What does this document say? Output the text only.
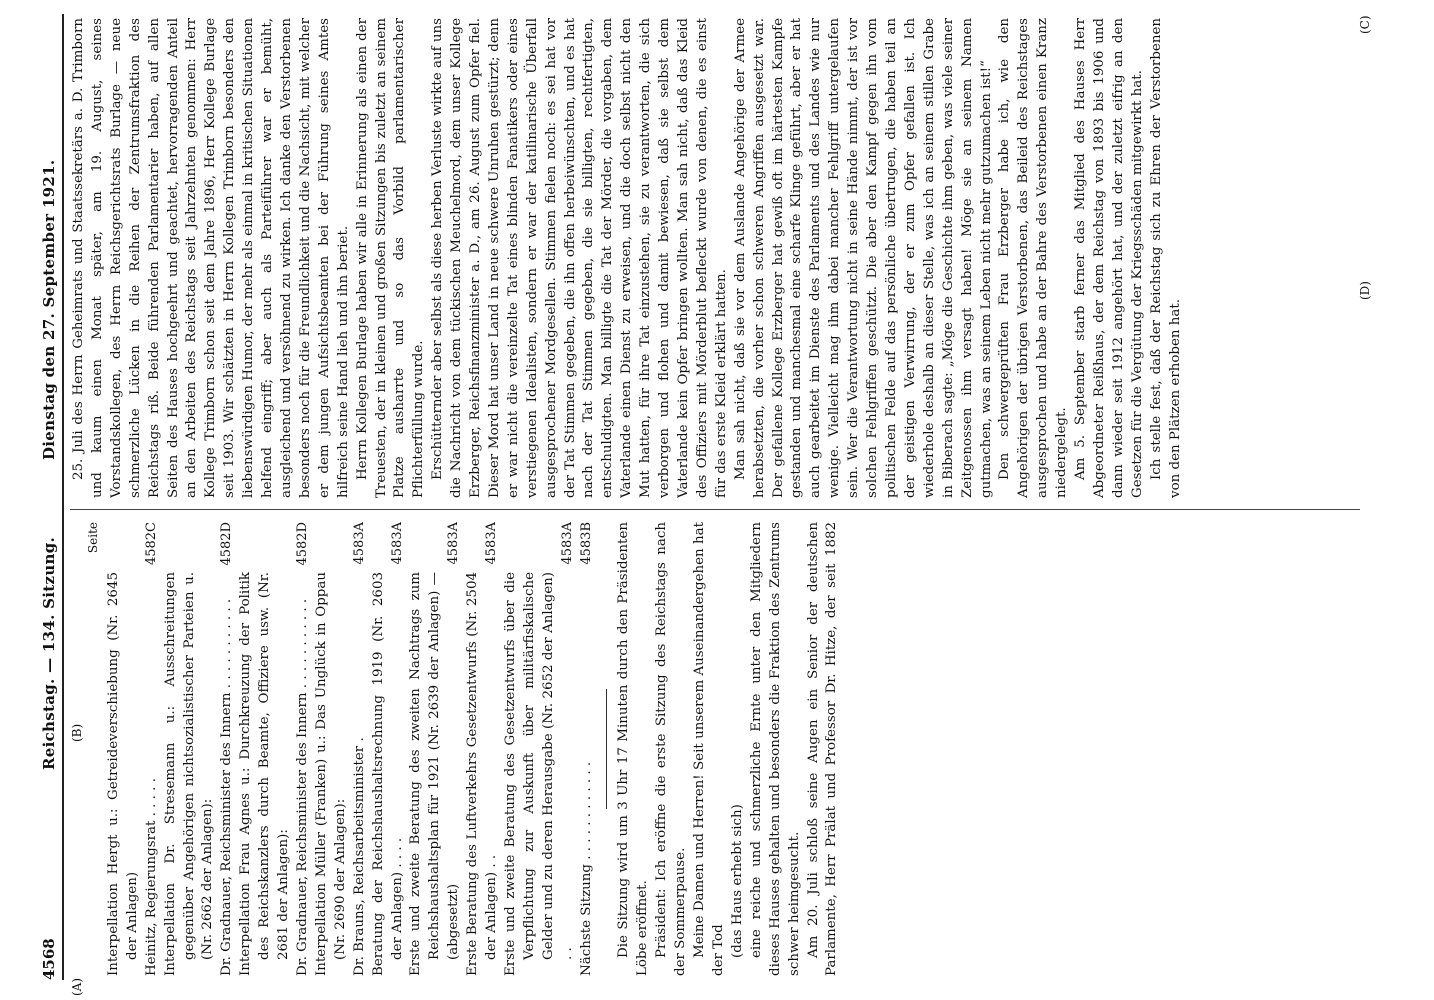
4568
Reichstag. — 134. Sitzung.
Dienstag den 27. September 1921.
(A)
(B)
(C)
(D)
Seite
Interpellation Hergt u.: Getreideverschiebung (Nr. 2645 der Anlagen) Heinitz, Regierungsrat . . . . .
4582C
Interpellation Dr. Stresemann u.: Ausschreitungen gegenüber Angehörigen nichtsozialistischer Parteien u. (Nr. 2662 der Anlagen): Dr. Gradnauer, Reichsminister des Innern . . . . . . . . . . .
4582D
Interpellation Frau Agnes u.: Durchkreuzung der Politik des Reichskanzlers durch Beamte, Offiziere usw. (Nr. 2681 der Anlagen): Dr. Gradnauer, Reichsminister des Innern . . . . . . . . . . .
4582D
Interpellation Müller (Franken) u.: Das Unglück in Oppau (Nr. 2690 der Anlagen): Dr. Brauns, Reichsarbeitsminister .
4583A
Beratung der Reichshaushaltsrechnung 1919 (Nr. 2603 der Anlagen) . . . .
4583A
Erste und zweite Beratung des zweiten Nachtrags zum Reichshaushaltsplan für 1921 (Nr. 2639 der Anlagen) — (abgesetzt)
4583A
Erste Beratung des Luftverkehrs Gesetzentwurfs (Nr. 2504 der Anlagen) . .
4583A
Erste und zweite Beratung des Gesetzentwurfs über die Verpflichtung zur Auskunft über militärfiskalische Gelder und zu deren Herausgabe (Nr. 2652 der Anlagen) . .
4583A
Nächste Sitzung . . . . . . . . . . . .
4583B Die Sitzung wird um 3 Uhr 17 Minuten durch den Präsidenten Löbe eröffnet. Präsident: Ich eröffne die erste Sitzung des Reichstags nach der Sommerpause. Meine Damen und Herren! Seit unserem Auseinandergehen hat der Tod (das Haus erhebt sich) eine reiche und schmerzliche Ernte unter den Mitgliedern dieses Hauses gehalten und besonders die Fraktion des Zentrums schwer heimgesucht. Am 20. Juli schloß seine Augen ein Senior der deutschen Parlamente, Herr Prälat und Professor Dr. Hitze, der seit 1882

25. Juli des Herrn Geheimrats und Staatssekretärs a. D. Trimborn und kaum einen Monat später, am 19. August, seines Vorstandskollegen, des Herrn Reichsgerichtsrats Burlage — neue schmerzliche Lücken in die Reihen der Zentrumsfraktion des Reichstags riß. Beide führenden Parlamentarier haben, auf allen Seiten des Hauses hochgeehrt und geachtet, hervorragenden Anteil an den Arbeiten des Reichstags seit Jahrzehnten genommen: Herr Kollege Trimborn schon seit dem Jahre 1896, Herr Kollege Burlage seit 1903. Wir schätzten in Herrn Kollegen Trimborn besonders den liebenswürdigen Humor, der mehr als einmal in kritischen Situationen helfend eingriff; aber auch als Parteiführer war er bemüht, ausgleichend und versöhnend zu wirken. Ich danke den Verstorbenen besonders noch für die Freundlichkeit und die Nachsicht, mit welcher er dem jungen Aufsichtsbeamten bei der Führung seines Amtes hilfreich seine Hand lieh und ihn beriet. Herrn Kollegen Burlage haben wir alle in Erinnerung als einen der Treuesten, der in kleinen und großen Sitzungen bis zuletzt an seinem Platze ausharrte und so das Vorbild parlamentarischer Pflichterfüllung wurde. Erschütternder aber selbst als diese herben Verluste wirkte auf uns die Nachricht von dem tückischen Meuchelmord, dem unser Kollege Erzberger, Reichsfinanzminister a. D., am 26. August zum Opfer fiel. Dieser Mord hat unser Land in neue schwere Unruhen gestürzt; denn er war nicht die vereinzelte Tat eines blinden Fanatikers oder eines verstiegenen Idealisten, sondern er war der katilinarische Überfall ausgesprochener Mordgesellen. Stimmen fielen noch: es sei hat vor der Tat Stimmen gegeben, die ihn offen herbeiwünschten, und es hat nach der Tat Stimmen gegeben, die sie billigten, rechtfertigten, entschuldigten. Man billigte die Tat der Mörder, die vorgaben, dem Vaterlande einen Dienst zu erweisen, und die doch selbst nicht den Mut hatten, für ihre Tat einzustehen, sie zu verantworten, die sich verborgen und flohen und damit bewiesen, daß sie selbst dem Vaterlande kein Opfer bringen wollten. Man sah nicht, daß das Kleid des Offiziers mit Mörderblut befleckt wurde von denen, die es einst für das erste Kleid erklärt hatten. Man sah nicht, daß sie vor dem Auslande Angehörige der Armee herabsetzten, die vorher schon schweren Angriffen ausgesetzt war. Der gefallene Kollege Erzberger hat gewiß oft im härtesten Kampfe gestanden und manchesmal eine scharfe Klinge geführt, aber er hat auch gearbeitet im Dienste des Parlaments und des Landes wie nur wenige. Vielleicht mag ihm dabei mancher Fehlgriff untergelaufen sein. Wer die Verantwortung nicht in seine Hände nimmt, der ist vor solchen Fehlgriffen geschützt. Die aber den Kampf gegen ihn vom politischen Felde auf das persönliche übertrugen, die haben teil an der geistigen Verwirrung, der er zum Opfer gefallen ist. Ich wiederhole deshalb an dieser Stelle, was ich an seinem stillen Grabe in Biberach sagte: „Möge die Geschichte ihm geben, was viele seiner Zeitgenossen ihm versagt haben! Möge sie an seinem Namen gutmachen, was an seinem Leben nicht mehr gutzumachen ist!“ Den schwergeprüften Frau Erzberger habe ich, wie den Angehörigen der übrigen Verstorbenen, das Beileid des Reichstages ausgesprochen und habe an der Bahre des Verstorbenen einen Kranz niedergelegt. Am 5. September starb ferner das Mitglied des Hauses Herr Abgeordneter Reißhaus, der dem Reichstag von 1893 bis 1906 und dann wieder seit 1912 angehört hat, und der zuletzt eifrig an den Gesetzen für die Vergütung der Kriegsschäden mitgewirkt hat. Ich stelle fest, daß der Reichstag sich zu Ehren der Verstorbenen von den Plätzen erhoben hat.
